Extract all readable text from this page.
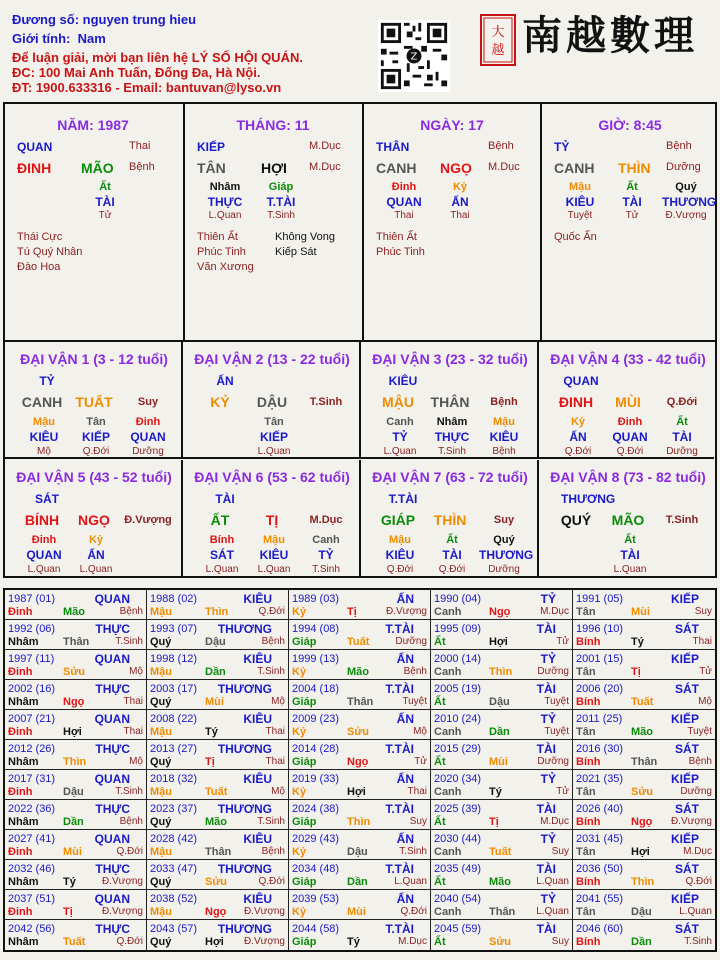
Đương số: nguyen trung hieu
Giới tính: Nam
Để luận giải, mời bạn liên hệ LÝ SỐ HỘI QUÁN.
ĐC: 100 Mai Anh Tuấn, Đống Đa, Hà Nội.
ĐT: 1900.633316 - Email: bantuvan@lyso.vn
Z
大
越 南越數理
NĂM: 1987
QUAN	Thai
ĐINH MÃO Bệnh
Ất
TÀI
Tử
Thái Cực
Tú Quý Nhân
Đào Hoa
THÁNG: 11
KIẾP	M.Dục
TÂN	HỢI M.Dục
Nhâm
THỰC
L.Quan
Giáp
T.TÀI
T.Sinh
Thiên Ất
Phúc Tinh
Văn Xương
Không Vong
Kiếp Sát
NGÀY: 17
THÂN	Bệnh
CANH NGỌ M.Dục
Đinh
QUAN
Thai
Kỷ
ẤN
Thai
Thiên Ất
Phúc Tinh
GIỜ: 8:45
TỶ	Bệnh
CANH THÌN Dưỡng
Mậu
KIÊU
Tuyệt
Ất
TÀI
Tử
Quý
THƯƠNG
Đ.Vượng
Quốc Ấn
ĐẠI VẬN 1 (3 - 12 tuổi)
TỶ
CANH TUẤT	Suy
Mậu
KIÊU
Mộ
Tân
KIẾP
Q.Đới
Đinh
QUAN
Dưỡng
ĐẠI VẬN 2 (13 - 22 tuổi)
ẤN
KỶ	DẬU	T.Sinh
Tân
KIẾP
L.Quan
ĐẠI VẬN 3 (23 - 32 tuổi)
KIÊU
MẬU	THÂN	Bệnh
Canh
TỶ
L.Quan
Nhâm
THỰC
T.Sinh
Mậu
KIÊU
Bệnh
ĐẠI VẬN 4 (33 - 42 tuổi)
QUAN
ĐINH	MÙI	Q.Đới
Kỷ
ẤN
Q.Đới
Đinh
QUAN
Q.Đới
Ất
TÀI
Dưỡng
ĐẠI VẬN 5 (43 - 52 tuổi)
SÁT
BÍNH	NGỌ	Đ.Vượng
Đinh
QUAN
L.Quan
Kỷ
ẤN
L.Quan
ĐẠI VẬN 6 (53 - 62 tuổi)
TÀI
ẤT	TỊ	M.Dục
Bính
SÁT
L.Quan
Mậu
KIÊU
L.Quan
Canh
TỶ
T.Sinh
ĐẠI VẬN 7 (63 - 72 tuổi)
T.TÀI
GIÁP	THÌN	Suy
Mậu
KIÊU
Q.Đới
Ất
TÀI
Q.Đới
Quý
THƯƠNG
Dưỡng
ĐẠI VẬN 8 (73 - 82 tuổi)
THƯƠNG
QUÝ	MÃO	T.Sinh
Ất
TÀI
L.Quan
1987 (01)	QUAN
Đinh	Mão	Bệnh
1988 (02)	KIÊU
Mậu	Thìn	Q.Đới
1989 (03)	ẤN
Kỷ	Tị	Đ.Vượng
1990 (04)	TỶ
Canh	Ngọ	M.Dục
1991 (05)	KIẾP
Tân	Mùi	Suy
1992 (06)	THỰC
Nhâm Thân	T.Sinh
1993 (07) THƯƠNG
Quý	Dậu	Bệnh
1994 (08)	T.TÀI
Giáp	Tuất	Dưỡng
1995 (09)	TÀI
Ất	Hợi	Tử
1996 (10)	SÁT
Bính	Tý	Thai
1997 (11)	QUAN
Đinh	Sửu	Mộ
1998 (12)	KIÊU
Mậu	Dần	T.Sinh
1999 (13)	ẤN
Kỷ	Mão	Bệnh
2000 (14)	TỶ
Canh	Thìn	Dưỡng
2001 (15)	KIẾP
Tân	Tị	Tử
2002 (16)	THỰC
Nhâm Ngọ	Thai
2003 (17) THƯƠNG
Quý	Mùi	Mộ
2004 (18)	T.TÀI
Giáp	Thân	Tuyệt
2005 (19)	TÀI
Ất	Dậu	Tuyệt
2006 (20)	SÁT
Bính	Tuất	Mộ
2007 (21)	QUAN
Đinh	Hợi	Thai
2008 (22)	KIÊU
Mậu	Tý	Thai
2009 (23)	ẤN
Kỷ	Sửu	Mộ
2010 (24)	TỶ
Canh	Dần	Tuyệt
2011 (25)	KIẾP
Tân	Mão	Tuyệt
2012 (26)	THỰC
Nhâm Thìn	Mộ
2013 (27) THƯƠNG
Quý	Tị	Thai
2014 (28)	T.TÀI
Giáp	Ngọ	Tử
2015 (29)	TÀI
Ất	Mùi	Dưỡng
2016 (30)	SÁT
Bính	Thân	Bệnh
2017 (31)	QUAN
Đinh	Dậu	T.Sinh
2018 (32)	KIÊU
Mậu	Tuất	Mộ
2019 (33)	ẤN
Kỷ	Hợi	Thai
2020 (34)	TỶ
Canh	Tý	Tử
2021 (35)	KIẾP
Tân	Sửu	Dưỡng
2022 (36)	THỰC
Nhâm Dần	Bệnh
2023 (37) THƯƠNG
Quý	Mão	T.Sinh
2024 (38)	T.TÀI
Giáp	Thìn	Suy
2025 (39)	TÀI
Ất	Tị	M.Dục
2026 (40)	SÁT
Bính	Ngọ Đ.Vượng
2027 (41)	QUAN
Đinh	Mùi	Q.Đới
2028 (42)	KIÊU
Mậu	Thân	Bệnh
2029 (43)	ẤN
Kỷ	Dậu	T.Sinh
2030 (44)	TỶ
Canh	Tuất	Suy
2031 (45)	KIẾP
Tân	Hợi	M.Dục
2032 (46)	THỰC
Nhâm Tý	Đ.Vượng
2033 (47) THƯƠNG
Quý	Sửu	Q.Đới
2034 (48)	T.TÀI
Giáp	Dần	L.Quan
2035 (49)	TÀI
Ất	Mão	L.Quan
2036 (50)	SÁT
Bính	Thìn	Q.Đới
2037 (51)	QUAN
Đinh	Tị	Đ.Vượng
2038 (52)	KIÊU
Mậu	Ngọ Đ.Vượng
2039 (53)	ẤN
Kỷ	Mùi	Q.Đới
2040 (54)	TỶ
Canh	Thân L.Quan
2041 (55)	KIẾP
Tân	Dậu	L.Quan
2042 (56)	THỰC
Nhâm Tuất	Q.Đới
2043 (57) THƯƠNG
Quý	Hợi Đ.Vượng
2044 (58)	T.TÀI
Giáp	Tý	M.Dục
2045 (59)	TÀI
Ất	Sửu	Suy
2046 (60)	SÁT
Bính	Dần	T.Sinh
